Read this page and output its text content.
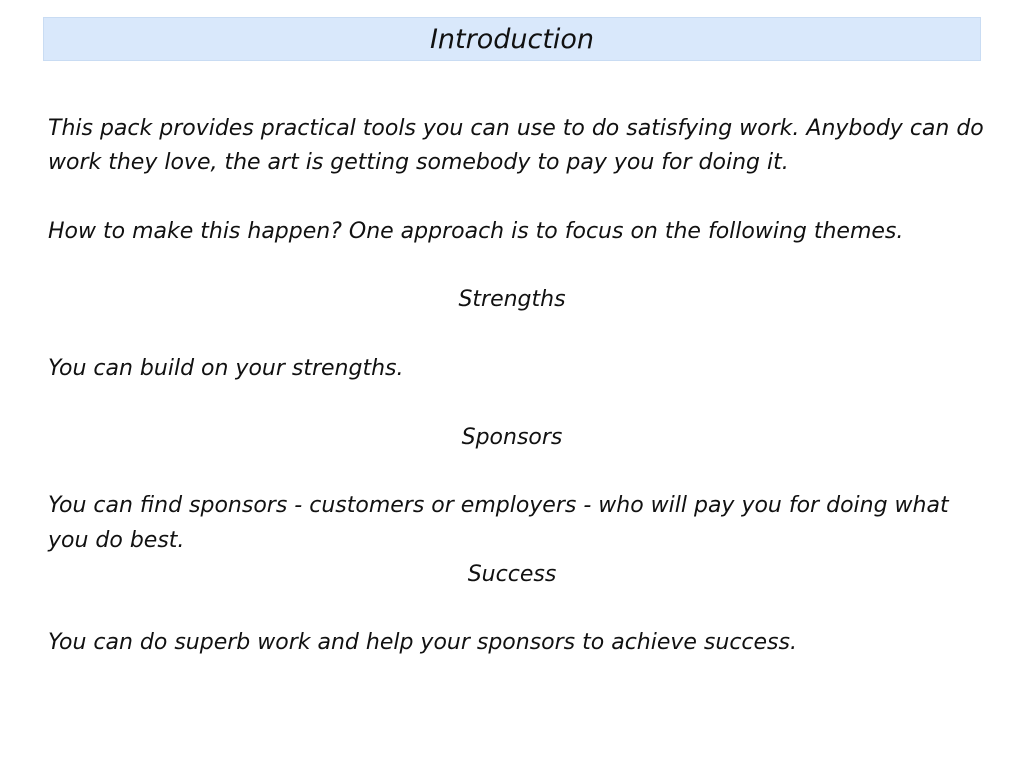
Introduction

This pack provides practical tools you can use to do satisfying work. Anybody can do work they love, the art is getting somebody to pay you for doing it.

How to make this happen? One approach is to focus on the following themes.

Strengths

You can build on your strengths.

Sponsors

You can find sponsors - customers or employers - who will pay you for doing what you do best.

Success

You can do superb work and help your sponsors to achieve success.
